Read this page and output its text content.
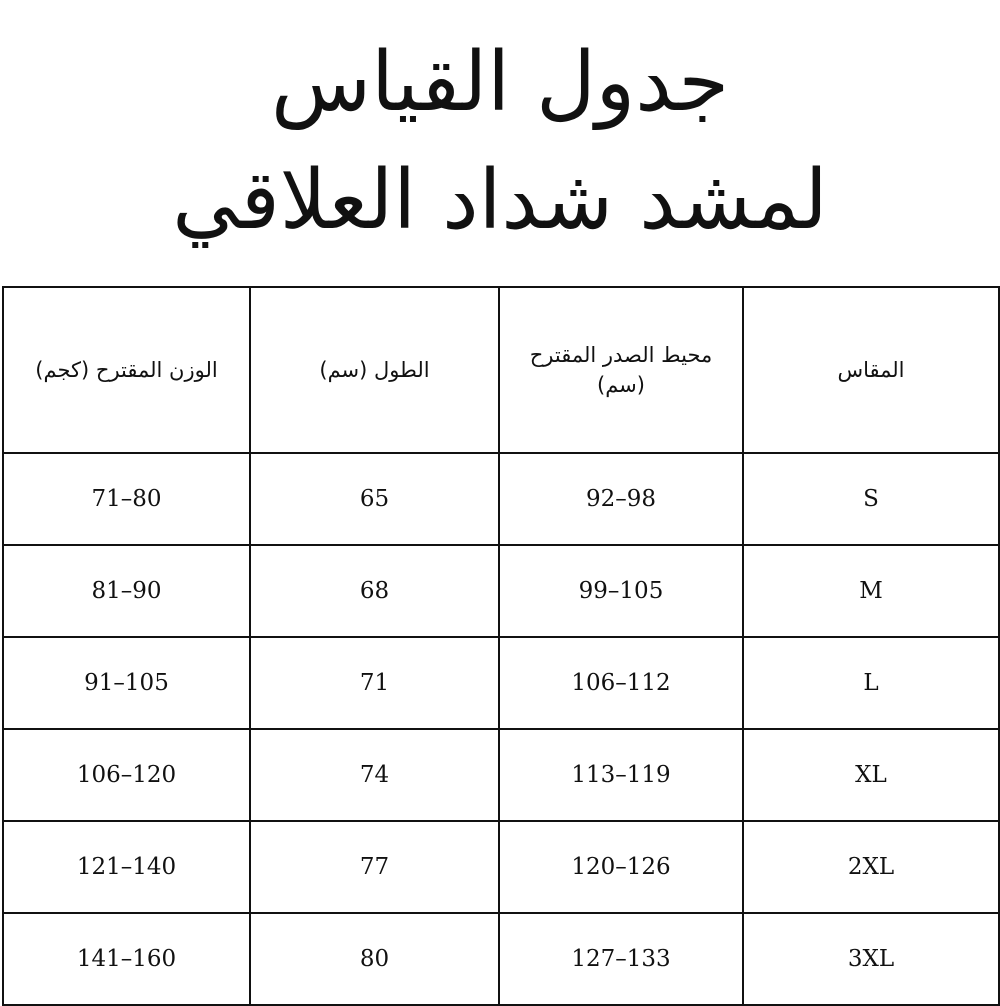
جدول القياس
لمشد شداد العلاقي
المقاس	محيط الصدر المقترح (سم)	الطول (سم)	الوزن المقترح (كجم)
S	92–98	65	71–80
M	99–105	68	81–90
L	106–112	71	91–105
XL	113–119	74	106–120
2XL	120–126	77	121–140
3XL	127–133	80	141–160
